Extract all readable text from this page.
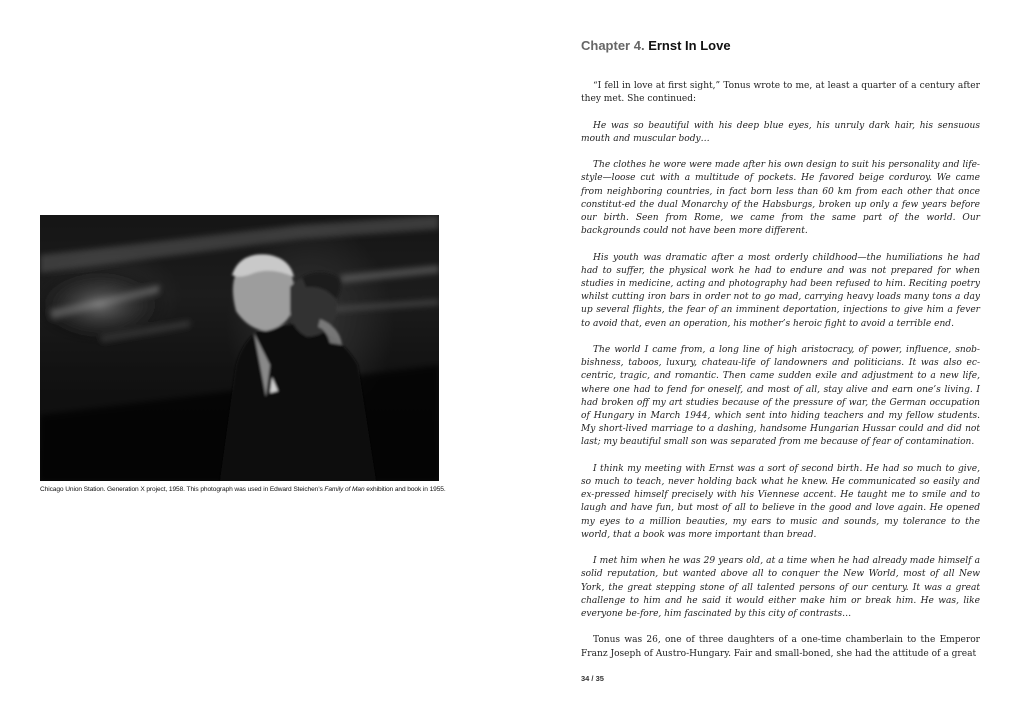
Chicago Union Station. Generation X project, 1958. This photograph was used in Edward Steichen’s Family of Man exhibition and book in 1955.
Chapter 4. Ernst In Love

“I fell in love at first sight,” Tonus wrote to me, at least a quarter of a century after they met. She continued:

He was so beautiful with his deep blue eyes, his unruly dark hair, his sensuous mouth and muscular body…

The clothes he wore were made after his own design to suit his personality and life-style—loose cut with a multitude of pockets. He favored beige corduroy. We came from neighboring countries, in fact born less than 60 km from each other that once constitut-ed the dual Monarchy of the Habsburgs, broken up only a few years before our birth. Seen from Rome, we came from the same part of the world. Our backgrounds could not have been more different.

His youth was dramatic after a most orderly childhood—the humiliations he had had to suffer, the physical work he had to endure and was not prepared for when studies in medicine, acting and photography had been refused to him. Reciting poetry whilst cutting iron bars in order not to go mad, carrying heavy loads many tons a day up several flights, the fear of an imminent deportation, injections to give him a fever to avoid that, even an operation, his mother’s heroic fight to avoid a terrible end.

The world I came from, a long line of high aristocracy, of power, influence, snob-bishness, taboos, luxury, chateau-life of landowners and politicians. It was also ec-centric, tragic, and romantic. Then came sudden exile and adjustment to a new life, where one had to fend for oneself, and most of all, stay alive and earn one’s living. I had broken off my art studies because of the pressure of war, the German occupation of Hungary in March 1944, which sent into hiding teachers and my fellow students. My short-lived marriage to a dashing, handsome Hungarian Hussar could and did not last; my beautiful small son was separated from me because of fear of contamination.

I think my meeting with Ernst was a sort of second birth. He had so much to give, so much to teach, never holding back what he knew. He communicated so easily and ex-pressed himself precisely with his Viennese accent. He taught me to smile and to laugh and have fun, but most of all to believe in the good and love again. He opened my eyes to a million beauties, my ears to music and sounds, my tolerance to the world, that a book was more important than bread.

I met him when he was 29 years old, at a time when he had already made himself a solid reputation, but wanted above all to conquer the New World, most of all New York, the great stepping stone of all talented persons of our century. It was a great challenge to him and he said it would either make him or break him. He was, like everyone be-fore, him fascinated by this city of contrasts…

Tonus was 26, one of three daughters of a one-time chamberlain to the Emperor Franz Joseph of Austro-Hungary. Fair and small-boned, she had the attitude of a great

34 / 35
